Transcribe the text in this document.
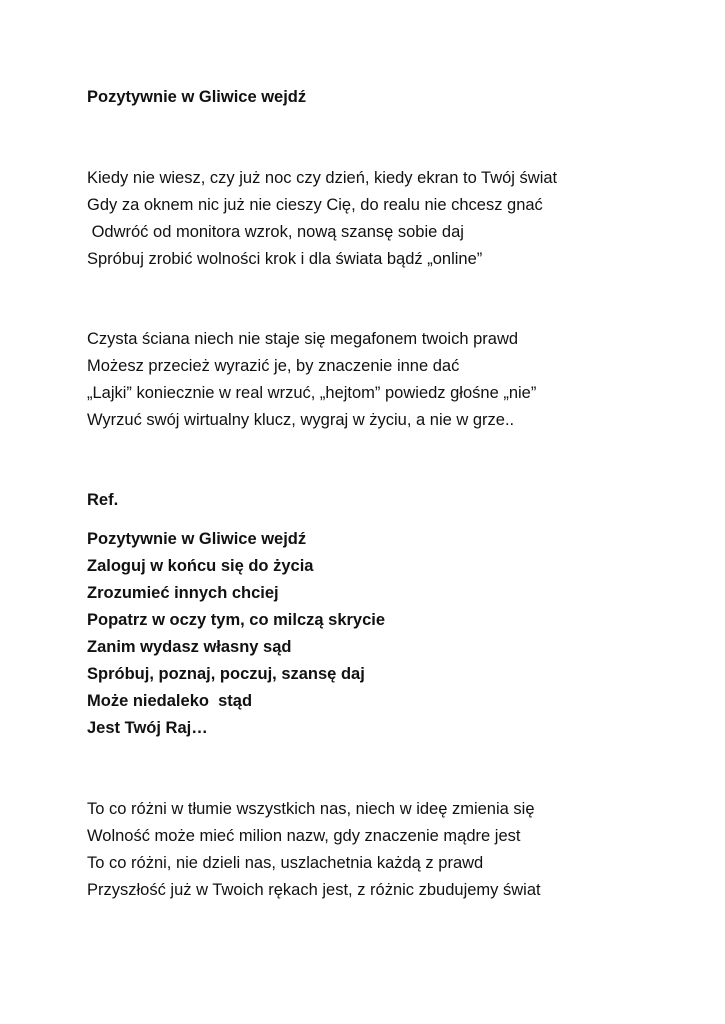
Pozytywnie w Gliwice wejdź
Kiedy nie wiesz, czy już noc czy dzień, kiedy ekran to Twój świat
Gdy za oknem nic już nie cieszy Cię, do realu nie chcesz gnać
Odwróć od monitora wzrok, nową szansę sobie daj
Spróbuj zrobić wolności krok i dla świata bądź „online”
Czysta ściana niech nie staje się megafonem twoich prawd
Możesz przecież wyrazić je, by znaczenie inne dać
„Lajki” koniecznie w real wrzuć, „hejtom” powiedz głośne „nie”
Wyrzuć swój wirtualny klucz, wygraj w życiu, a nie w grze..

Ref.

Pozytywnie w Gliwice wejdź
Zaloguj w końcu się do życia
Zrozumieć innych chciej
Popatrz w oczy tym, co milczą skrycie
Zanim wydasz własny sąd
Spróbuj, poznaj, poczuj, szansę daj
Może niedaleko  stąd
Jest Twój Raj…
To co różni w tłumie wszystkich nas, niech w ideę zmienia się
Wolność może mieć milion nazw, gdy znaczenie mądre jest
To co różni, nie dzieli nas, uszlachetnia każdą z prawd
Przyszłość już w Twoich rękach jest, z różnic zbudujemy świat
